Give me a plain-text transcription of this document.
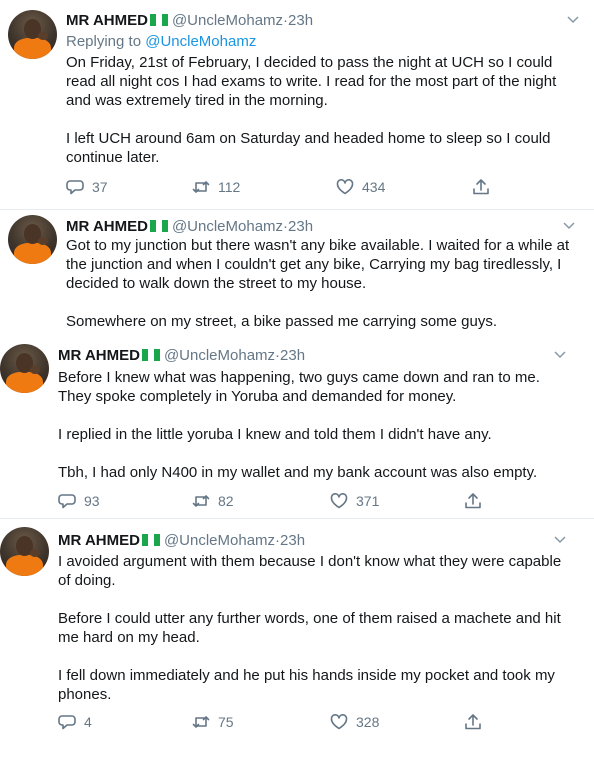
MR AHMED @UncleMohamz · 23h
Replying to @UncleMohamz

On Friday, 21st of February, I decided to pass the night at UCH so I could read all night cos I had exams to write. I read for the most part of the night and was extremely tired in the morning.

I left UCH around 6am on Saturday and headed home to sleep so I could continue later.

37	112	434
MR AHMED @UncleMohamz · 23h

Got to my junction but there wasn't any bike available. I waited for a while at the junction and when I couldn't get any bike, Carrying my bag tiredlessly, I decided to walk down the street to my house.

Somewhere on my street, a bike passed me carrying some guys.

MR AHMED @UncleMohamz · 23h

Before I knew what was happening, two guys came down and ran to me. They spoke completely in Yoruba and demanded for money.

I replied in the little yoruba I knew and told them I didn't have any.

Tbh, I had only N400 in my wallet and my bank account was also empty.

93	82	371
MR AHMED @UncleMohamz · 23h

I avoided argument with them because I don't know what they were capable of doing.

Before I could utter any further words, one of them raised a machete and hit me hard on my head.

I fell down immediately and he put his hands inside my pocket and took my phones.

4	75	328
